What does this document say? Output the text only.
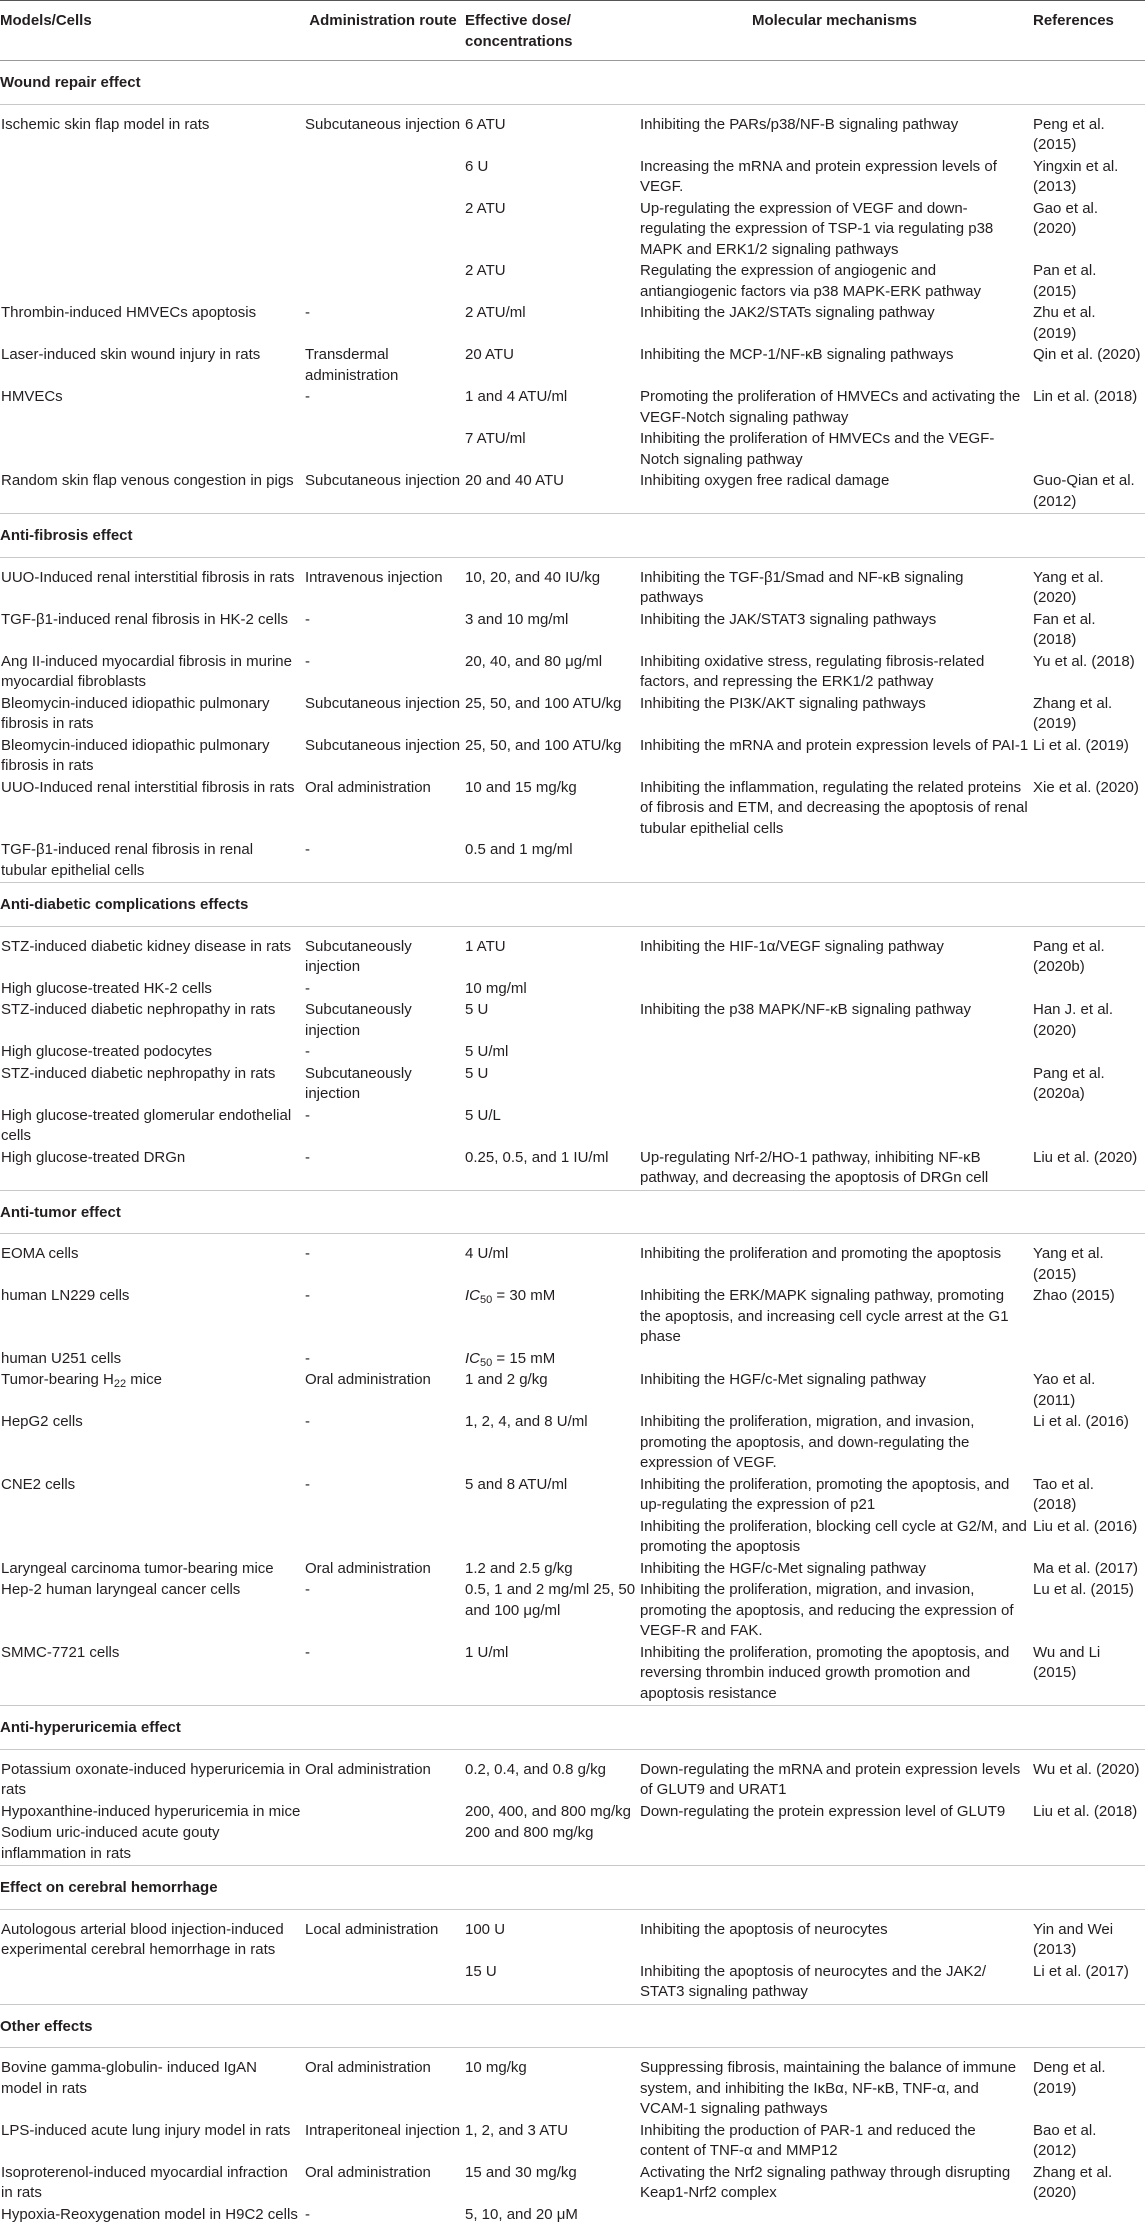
Models/Cells	Administration route	Effective dose/ concentrations	Molecular mechanisms	References
Wound repair effect				
Ischemic skin flap model in rats	Subcutaneous injection	6 ATU	Inhibiting the PARs/p38/NF-B signaling pathway	Peng et al. (2015)
		6 U	Increasing the mRNA and protein expression levels of VEGF.	Yingxin et al. (2013)
		2 ATU	Up-regulating the expression of VEGF and down-regulating the expression of TSP-1 via regulating p38 MAPK and ERK1/2 signaling pathways	Gao et al. (2020)
		2 ATU	Regulating the expression of angiogenic and antiangiogenic factors via p38 MAPK-ERK pathway	Pan et al. (2015)
Thrombin-induced HMVECs apoptosis	-	2 ATU/ml	Inhibiting the JAK2/STATs signaling pathway	Zhu et al. (2019)
Laser-induced skin wound injury in rats	Transdermal administration	20 ATU	Inhibiting the MCP-1/NF-κB signaling pathways	Qin et al. (2020)
HMVECs	-	1 and 4 ATU/ml	Promoting the proliferation of HMVECs and activating the VEGF-Notch signaling pathway	Lin et al. (2018)
		7 ATU/ml	Inhibiting the proliferation of HMVECs and the VEGF-Notch signaling pathway	
Random skin flap venous congestion in pigs	Subcutaneous injection	20 and 40 ATU	Inhibiting oxygen free radical damage	Guo-Qian et al. (2012)
Anti-fibrosis effect				
UUO-Induced renal interstitial fibrosis in rats	Intravenous injection	10, 20, and 40 IU/kg	Inhibiting the TGF-β1/Smad and NF-κB signaling pathways	Yang et al. (2020)
TGF-β1-induced renal fibrosis in HK-2 cells	-	3 and 10 mg/ml	Inhibiting the JAK/STAT3 signaling pathways	Fan et al. (2018)
Ang II-induced myocardial fibrosis in murine myocardial fibroblasts	-	20, 40, and 80 μg/ml	Inhibiting oxidative stress, regulating fibrosis-related factors, and repressing the ERK1/2 pathway	Yu et al. (2018)
Bleomycin-induced idiopathic pulmonary fibrosis in rats	Subcutaneous injection	25, 50, and 100 ATU/kg	Inhibiting the PI3K/AKT signaling pathways	Zhang et al. (2019)
Bleomycin-induced idiopathic pulmonary fibrosis in rats	Subcutaneous injection	25, 50, and 100 ATU/kg	Inhibiting the mRNA and protein expression levels of PAI-1	Li et al. (2019)
UUO-Induced renal interstitial fibrosis in rats	Oral administration	10 and 15 mg/kg	Inhibiting the inflammation, regulating the related proteins of fibrosis and ETM, and decreasing the apoptosis of renal tubular epithelial cells	Xie et al. (2020)
TGF-β1-induced renal fibrosis in renal tubular epithelial cells	-	0.5 and 1 mg/ml		
Anti-diabetic complications effects				
STZ-induced diabetic kidney disease in rats	Subcutaneously injection	1 ATU	Inhibiting the HIF-1α/VEGF signaling pathway	Pang et al. (2020b)
High glucose-treated HK-2 cells	-	10 mg/ml		
STZ-induced diabetic nephropathy in rats	Subcutaneously injection	5 U	Inhibiting the p38 MAPK/NF-κB signaling pathway	Han J. et al. (2020)
High glucose-treated podocytes	-	5 U/ml		
STZ-induced diabetic nephropathy in rats	Subcutaneously injection	5 U		Pang et al. (2020a)
High glucose-treated glomerular endothelial cells	-	5 U/L		
High glucose-treated DRGn	-	0.25, 0.5, and 1 IU/ml	Up-regulating Nrf-2/HO-1 pathway, inhibiting NF-κB pathway, and decreasing the apoptosis of DRGn cell	Liu et al. (2020)
Anti-tumor effect				
EOMA cells	-	4 U/ml	Inhibiting the proliferation and promoting the apoptosis	Yang et al. (2015)
human LN229 cells	-	$IC_{50} = 30$ mM	Inhibiting the ERK/MAPK signaling pathway, promoting the apoptosis, and increasing cell cycle arrest at the G1 phase	Zhao (2015)
human U251 cells	-	$IC_{50} = 15$ mM		
Tumor-bearing $H_{22}$ mice	Oral administration	1 and 2 g/kg	Inhibiting the HGF/c-Met signaling pathway	Yao et al. (2011)
HepG2 cells	-	1, 2, 4, and 8 U/ml	Inhibiting the proliferation, migration, and invasion, promoting the apoptosis, and down-regulating the expression of VEGF.	Li et al. (2016)
CNE2 cells	-	5 and 8 ATU/ml	Inhibiting the proliferation, promoting the apoptosis, and up-regulating the expression of p21	Tao et al. (2018)
			Inhibiting the proliferation, blocking cell cycle at G2/M, and promoting the apoptosis	Liu et al. (2016)
Laryngeal carcinoma tumor-bearing mice	Oral administration	1.2 and 2.5 g/kg	Inhibiting the HGF/c-Met signaling pathway	Ma et al. (2017)
Hep-2 human laryngeal cancer cells	-	0.5, 1 and 2 mg/ml 25, 50 and 100 μg/ml	Inhibiting the proliferation, migration, and invasion, promoting the apoptosis, and reducing the expression of VEGF-R and FAK.	Lu et al. (2015)
SMMC-7721 cells	-	1 U/ml	Inhibiting the proliferation, promoting the apoptosis, and reversing thrombin induced growth promotion and apoptosis resistance	Wu and Li (2015)
Anti-hyperuricemia effect				
Potassium oxonate-induced hyperuricemia in rats	Oral administration	0.2, 0.4, and 0.8 g/kg	Down-regulating the mRNA and protein expression levels of GLUT9 and URAT1	Wu et al. (2020)
Hypoxanthine-induced hyperuricemia in mice		200, 400, and 800 mg/kg	Down-regulating the protein expression level of GLUT9	Liu et al. (2018)
Sodium uric-induced acute gouty inflammation in rats		200 and 800 mg/kg		
Effect on cerebral hemorrhage				
Autologous arterial blood injection-induced experimental cerebral hemorrhage in rats	Local administration	100 U	Inhibiting the apoptosis of neurocytes	Yin and Wei (2013)
		15 U	Inhibiting the apoptosis of neurocytes and the JAK2/ STAT3 signaling pathway	Li et al. (2017)
Other effects				
Bovine gamma-globulin- induced IgAN model in rats	Oral administration	10 mg/kg	Suppressing fibrosis, maintaining the balance of immune system, and inhibiting the IκBα, NF-κB, TNF-α, and VCAM-1 signaling pathways	Deng et al. (2019)
LPS-induced acute lung injury model in rats	Intraperitoneal injection	1, 2, and 3 ATU	Inhibiting the production of PAR-1 and reduced the content of TNF-α and MMP12	Bao et al. (2012)
Isoproterenol-induced myocardial infraction in rats	Oral administration	15 and 30 mg/kg	Activating the Nrf2 signaling pathway through disrupting Keap1-Nrf2 complex	Zhang et al. (2020)
Hypoxia-Reoxygenation model in H9C2 cells	-	5, 10, and 20 μM		
